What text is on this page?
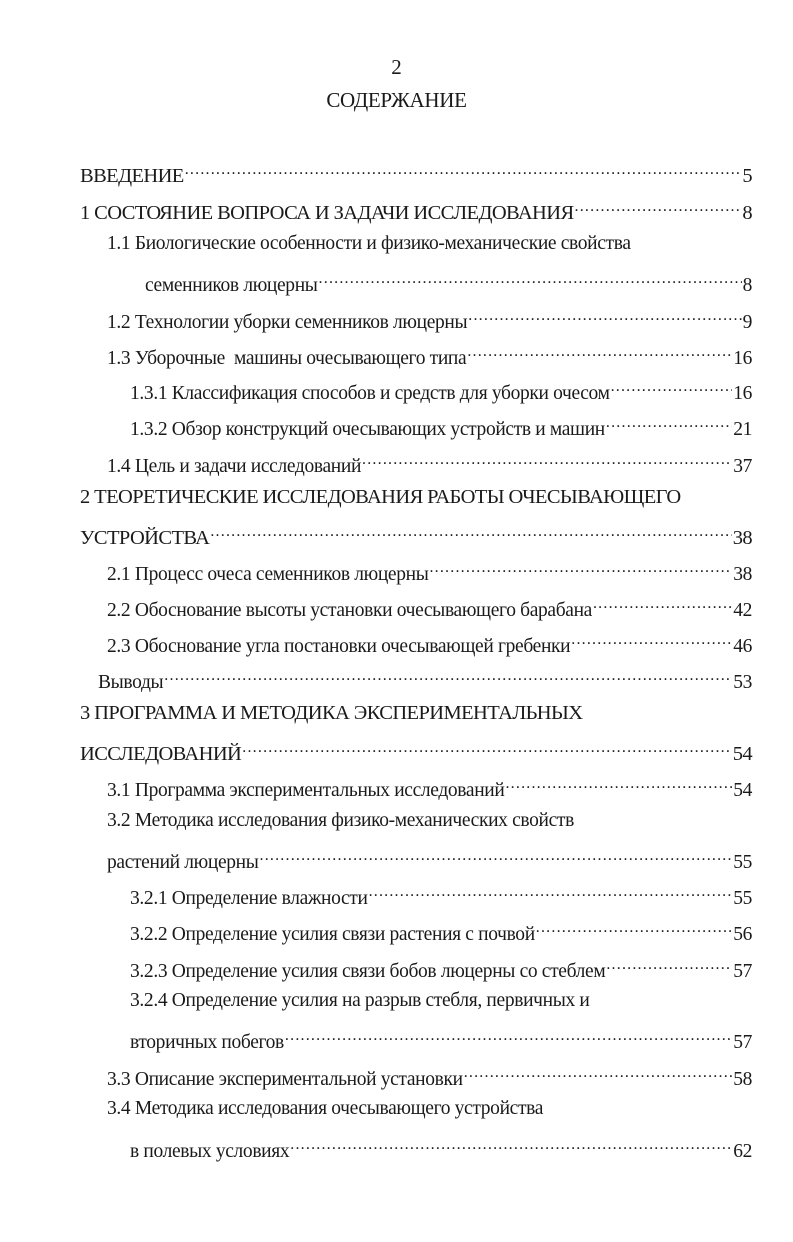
2
СОДЕРЖАНИЕ
ВВЕДЕНИЕ .....	5
1 СОСТОЯНИЕ ВОПРОСА И ЗАДАЧИ ИССЛЕДОВАНИЯ .....	8
1.1 Биологические особенности и физико-механические свойства
семенников люцерны .....	8
1.2 Технологии уборки семенников люцерны .....	9
1.3 Уборочные  машины очесывающего типа .....	16
1.3.1 Классификация способов и средств для уборки очесом .....	16
1.3.2 Обзор конструкций очесывающих устройств и машин .....	21
1.4 Цель и задачи исследований .....	37
2 ТЕОРЕТИЧЕСКИЕ ИССЛЕДОВАНИЯ РАБОТЫ ОЧЕСЫВАЮЩЕГО
УСТРОЙСТВА .....	38
2.1 Процесс очеса семенников люцерны .....	38
2.2 Обоснование высоты установки очесывающего барабана .....	42
2.3 Обоснование угла постановки очесывающей гребенки .....	46
Выводы .....	53
3 ПРОГРАММА И МЕТОДИКА ЭКСПЕРИМЕНТАЛЬНЫХ
ИССЛЕДОВАНИЙ .....	54
3.1 Программа экспериментальных исследований .....	54
3.2 Методика исследования физико-механических свойств
растений люцерны .....	55
3.2.1 Определение влажности .....	55
3.2.2 Определение усилия связи растения с почвой .....	56
3.2.3 Определение усилия связи бобов люцерны со стеблем .....	57
3.2.4 Определение усилия на разрыв стебля, первичных и
вторичных побегов .....	57
3.3 Описание экспериментальной установки .....	58
3.4 Методика исследования очесывающего устройства
в полевых условиях .....	62
